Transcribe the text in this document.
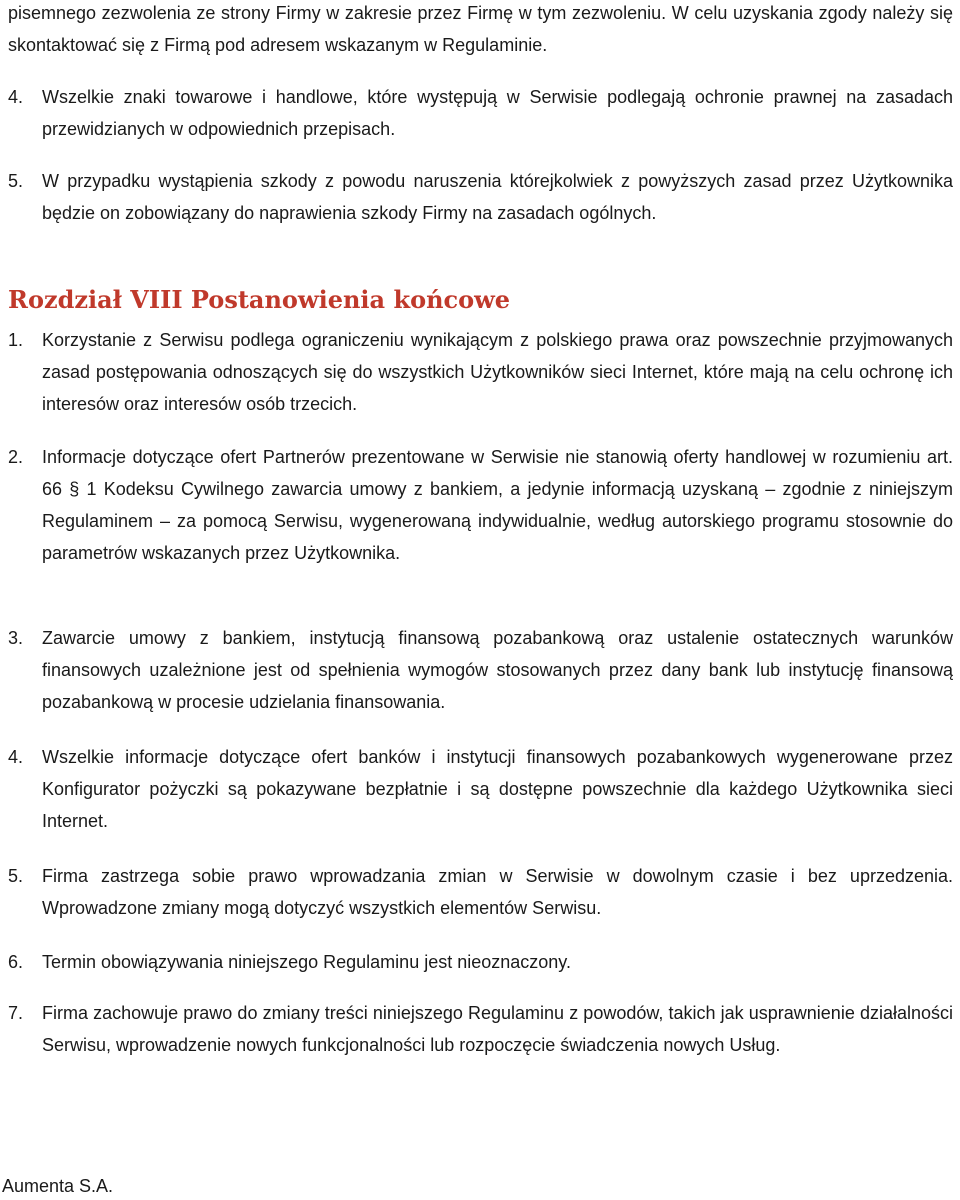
pisemnego zezwolenia ze strony Firmy w zakresie przez Firmę w tym zezwoleniu. W celu uzyskania zgody należy się skontaktować się z Firmą pod adresem wskazanym w Regulaminie.

4.	Wszelkie znaki towarowe i handlowe, które występują w Serwisie podlegają ochronie prawnej na zasadach przewidzianych w odpowiednich przepisach.
5.	W przypadku wystąpienia szkody z powodu naruszenia którejkolwiek z powyższych zasad przez Użytkownika będzie on zobowiązany do naprawienia szkody Firmy na zasadach ogólnych.
Rozdział VIII Postanowienia końcowe
1.	Korzystanie z Serwisu podlega ograniczeniu wynikającym z polskiego prawa oraz powszechnie przyjmowanych zasad postępowania odnoszących się do wszystkich Użytkowników sieci Internet, które mają na celu ochronę ich interesów oraz interesów osób trzecich.
2.	Informacje dotyczące ofert Partnerów prezentowane w Serwisie nie stanowią oferty handlowej w rozumieniu art. 66 § 1 Kodeksu Cywilnego zawarcia umowy z bankiem, a jedynie informacją uzyskaną – zgodnie z niniejszym Regulaminem – za pomocą Serwisu, wygenerowaną indywidualnie, według autorskiego programu stosownie do parametrów wskazanych przez Użytkownika.
3.	Zawarcie umowy z bankiem, instytucją finansową pozabankową oraz ustalenie ostatecznych warunków finansowych uzależnione jest od spełnienia wymogów stosowanych przez dany bank lub instytucję finansową pozabankową w procesie udzielania finansowania.
4.	Wszelkie informacje dotyczące ofert banków i instytucji finansowych pozabankowych wygenerowane przez Konfigurator pożyczki są pokazywane bezpłatnie i są dostępne powszechnie dla każdego Użytkownika sieci Internet.
5.	Firma zastrzega sobie prawo wprowadzania zmian w Serwisie w dowolnym czasie i bez uprzedzenia. Wprowadzone zmiany mogą dotyczyć wszystkich elementów Serwisu.
6.	Termin obowiązywania niniejszego Regulaminu jest nieoznaczony.
7.	Firma zachowuje prawo do zmiany treści niniejszego Regulaminu z powodów, takich jak usprawnienie działalności Serwisu, wprowadzenie nowych funkcjonalności lub rozpoczęcie świadczenia nowych Usług.

Aumenta S.A.
